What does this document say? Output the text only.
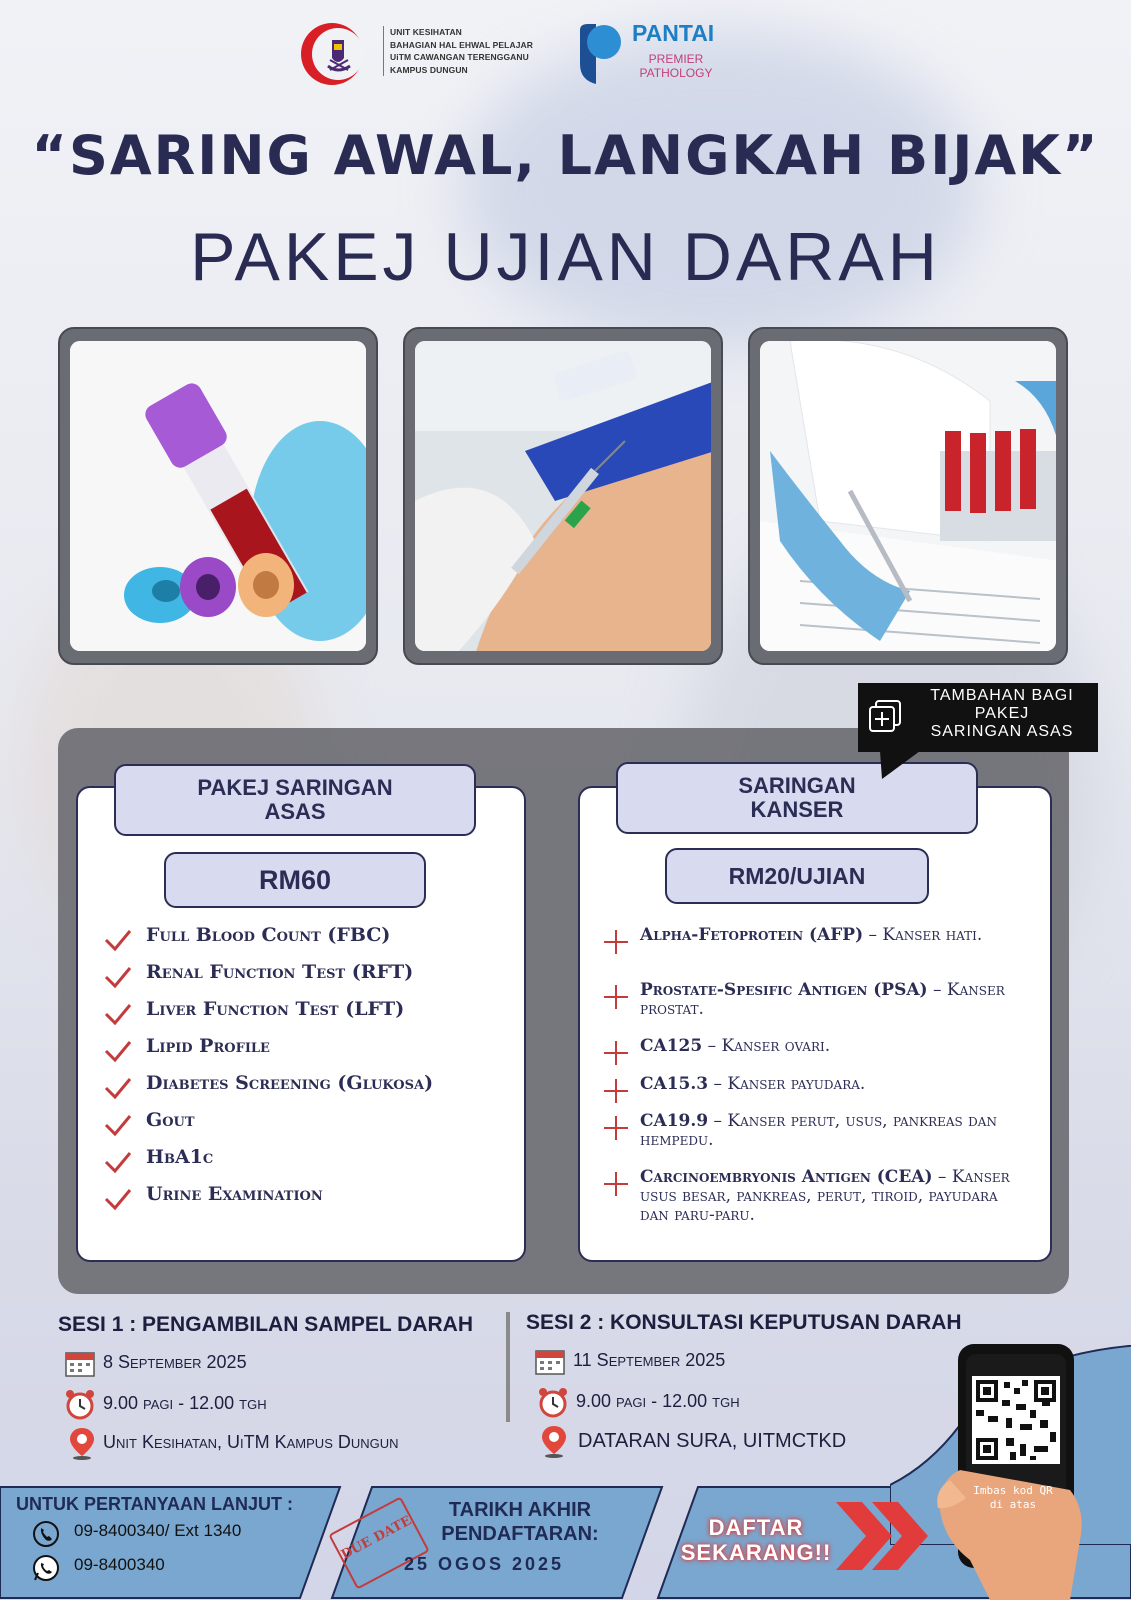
UNIT KESIHATAN
BAHAGIAN HAL EHWAL PELAJAR
UiTM CAWANGAN TERENGGANU
KAMPUS DUNGUN
PANTAI
PREMIER
PATHOLOGY
“SARING AWAL, LANGKAH BIJAK”
PAKEJ UJIAN DARAH
PAKEJ SARINGAN
ASAS
RM60
Full Blood Count (FBC)
Renal Function Test (RFT)
Liver Function Test (LFT)
Lipid Profile
Diabetes Screening (Glukosa)
Gout
HbA1c
Urine Examination
SARINGAN
KANSER
RM20/UJIAN
Alpha-Fetoprotein (AFP) – Kanser hati.
Prostate-Spesific Antigen (PSA) – Kanser prostat.
CA125 – Kanser ovari.
CA15.3 – Kanser payudara.
CA19.9 – Kanser perut, usus, pankreas dan hempedu.
Carcinoembryonis Antigen (CEA) – Kanser usus besar, pankreas, perut, tiroid, payudara dan paru-paru.
TAMBAHAN BAGI
PAKEJ
SARINGAN ASAS
SESI 1 : PENGAMBILAN SAMPEL DARAH
8 September 2025
9.00 pagi - 12.00 tgh
Unit Kesihatan, UiTM Kampus Dungun
SESI 2 : KONSULTASI KEPUTUSAN DARAH
11 September 2025
9.00 pagi - 12.00 tgh
DATARAN SURA, UITMCTKD
UNTUK PERTANYAAN LANJUT :
09-8400340/ Ext 1340
09-8400340
DUE DATE
TARIKH AKHIR
PENDAFTARAN:
25 OGOS 2025
DAFTAR
SEKARANG!!
Imbas kod QR
di atas
